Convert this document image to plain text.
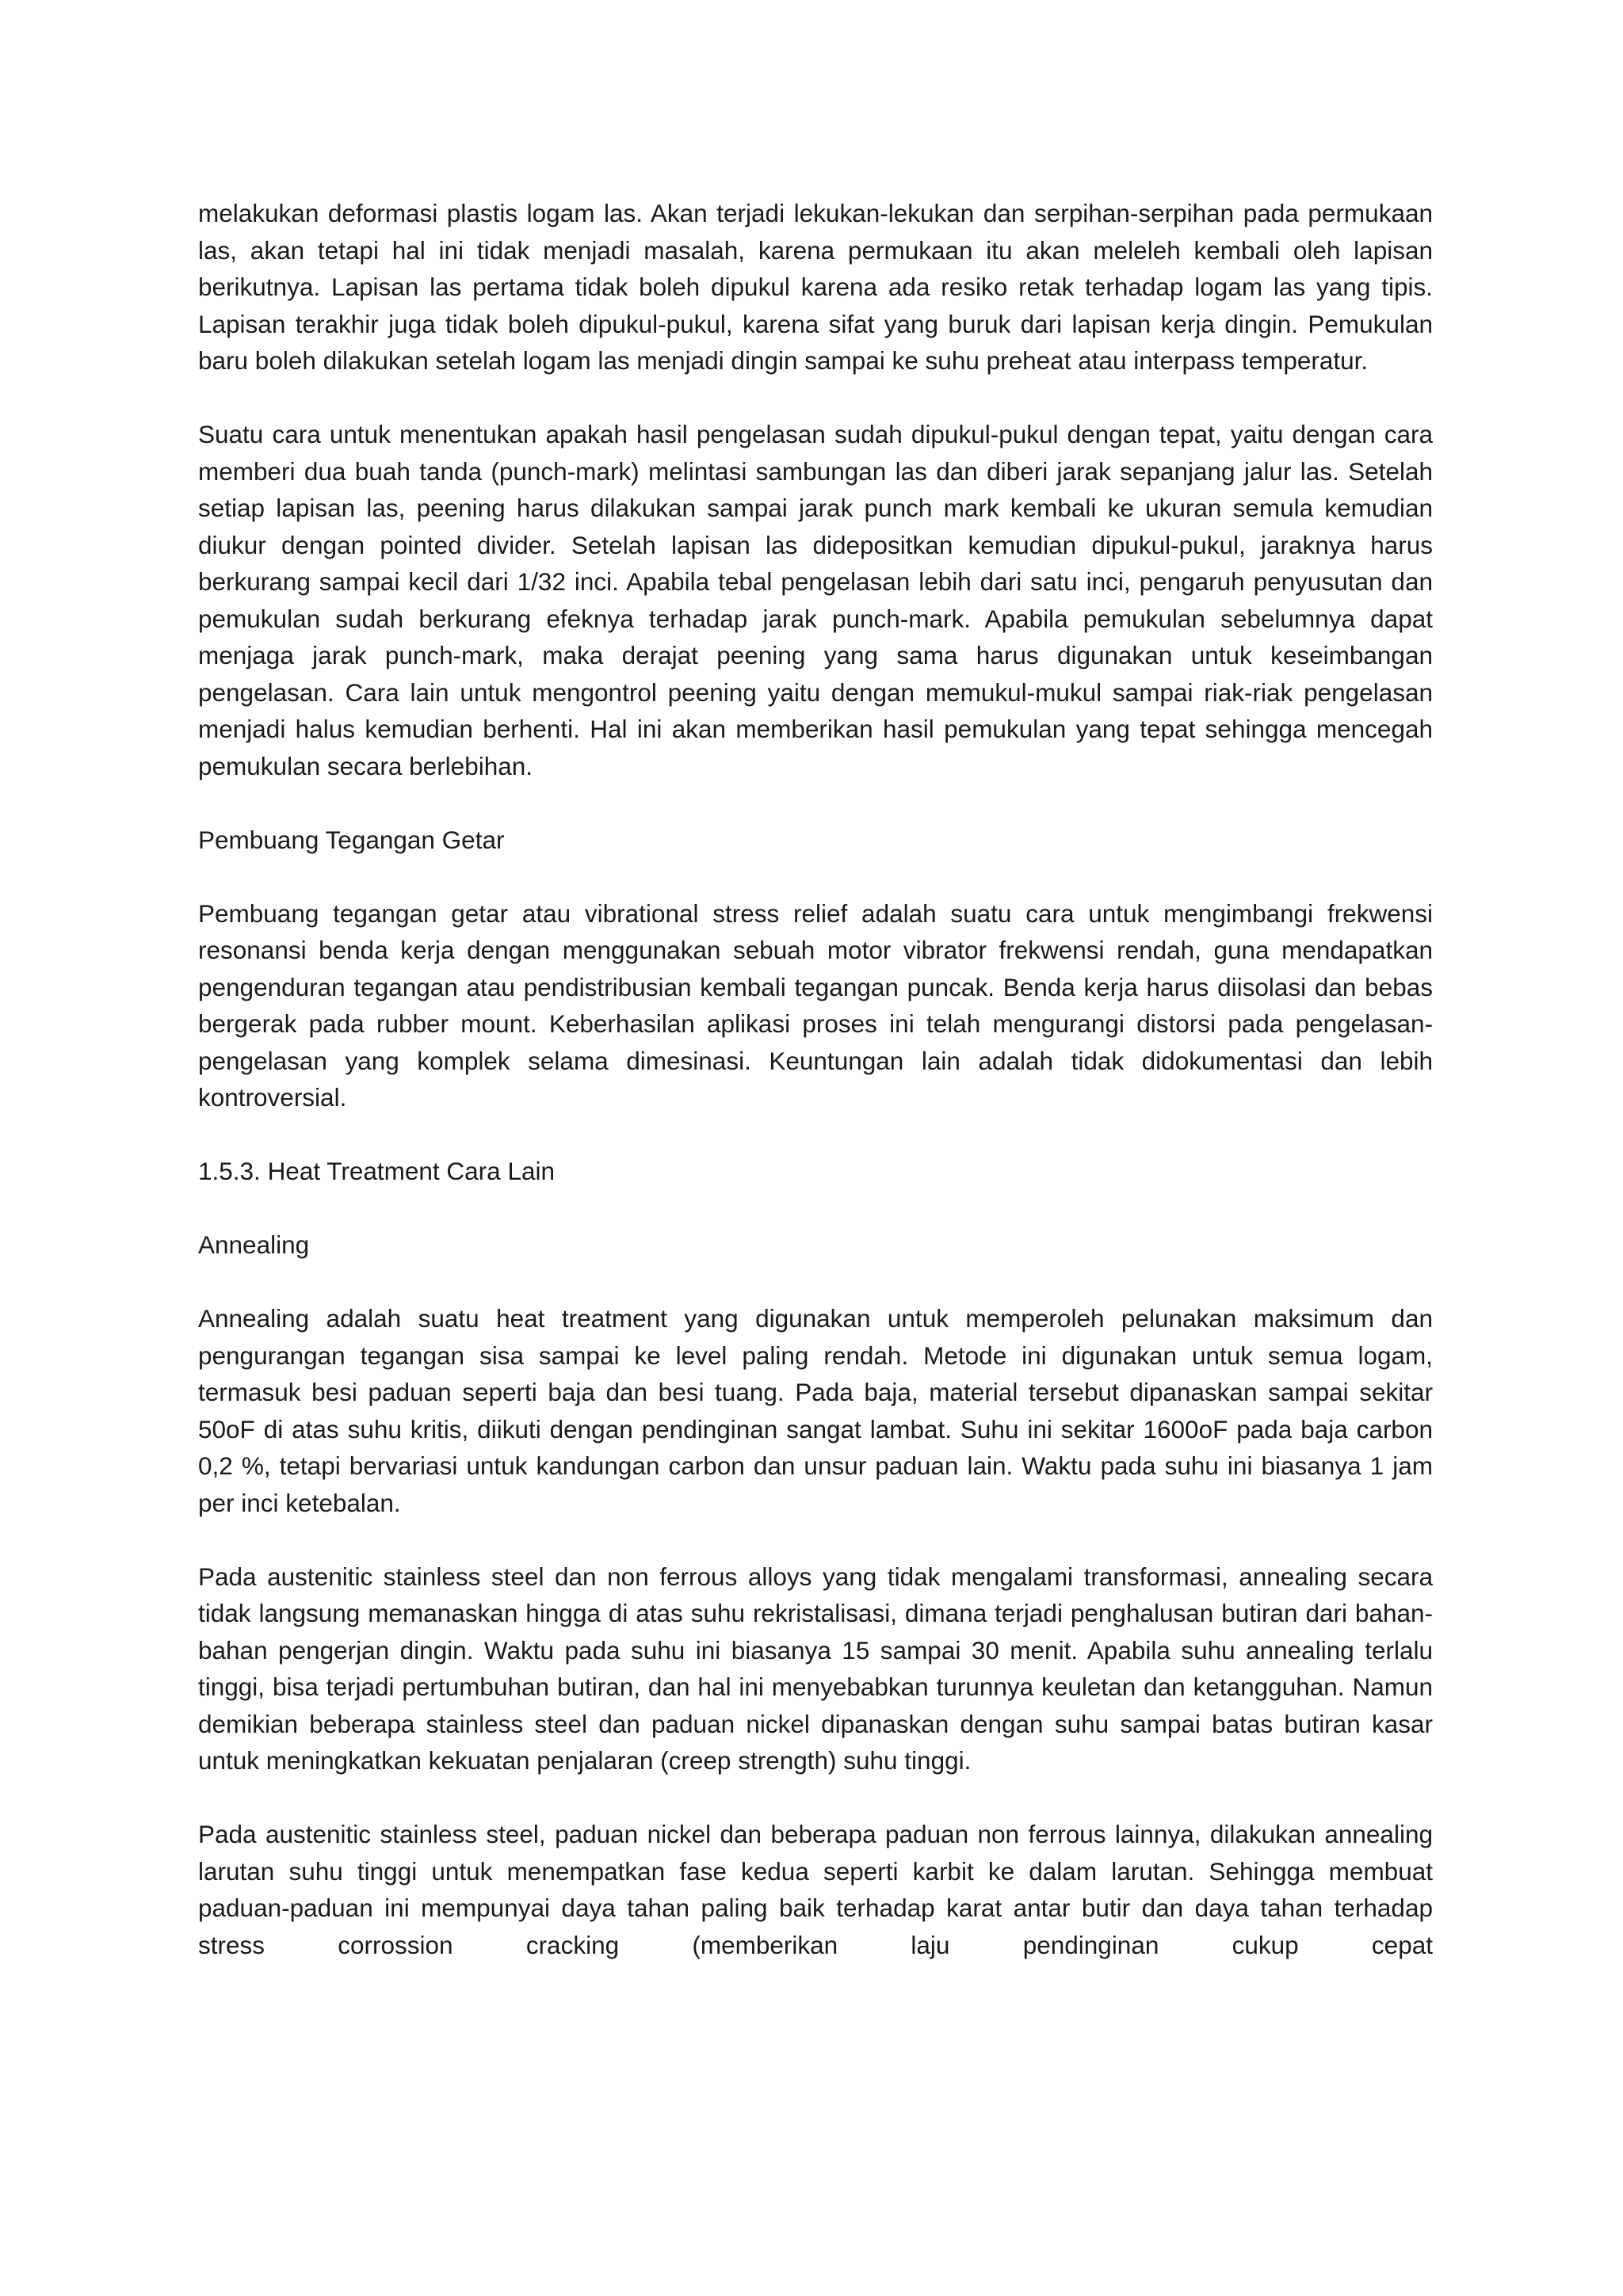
melakukan deformasi plastis logam las. Akan terjadi lekukan-lekukan dan serpihan-serpihan pada permukaan las, akan tetapi hal ini tidak menjadi masalah, karena permukaan itu akan meleleh kembali oleh lapisan berikutnya. Lapisan las pertama tidak boleh dipukul karena ada resiko retak terhadap logam las yang tipis. Lapisan terakhir juga tidak boleh dipukul-pukul, karena sifat yang buruk dari lapisan kerja dingin. Pemukulan baru boleh dilakukan setelah logam las menjadi dingin sampai ke suhu preheat atau interpass temperatur.

Suatu cara untuk menentukan apakah hasil pengelasan sudah dipukul-pukul dengan tepat, yaitu dengan cara memberi dua buah tanda (punch-mark) melintasi sambungan las dan diberi jarak sepanjang jalur las. Setelah setiap lapisan las, peening harus dilakukan sampai jarak punch mark kembali ke ukuran semula kemudian diukur dengan pointed divider. Setelah lapisan las didepositkan kemudian dipukul-pukul, jaraknya harus berkurang sampai kecil dari 1/32 inci. Apabila tebal pengelasan lebih dari satu inci, pengaruh penyusutan dan pemukulan sudah berkurang efeknya terhadap jarak punch-mark. Apabila pemukulan sebelumnya dapat menjaga jarak punch-mark, maka derajat peening yang sama harus digunakan untuk keseimbangan pengelasan. Cara lain untuk mengontrol peening yaitu dengan memukul-mukul sampai riak-riak pengelasan menjadi halus kemudian berhenti. Hal ini akan memberikan hasil pemukulan yang tepat sehingga mencegah pemukulan secara berlebihan.

Pembuang Tegangan Getar

Pembuang tegangan getar atau vibrational stress relief adalah suatu cara untuk mengimbangi frekwensi resonansi benda kerja dengan menggunakan sebuah motor vibrator frekwensi rendah, guna mendapatkan pengenduran tegangan atau pendistribusian kembali tegangan puncak. Benda kerja harus diisolasi dan bebas bergerak pada rubber mount. Keberhasilan aplikasi proses ini telah mengurangi distorsi pada pengelasan-pengelasan yang komplek selama dimesinasi. Keuntungan lain adalah tidak didokumentasi dan lebih kontroversial.

1.5.3. Heat Treatment Cara Lain

Annealing

Annealing adalah suatu heat treatment yang digunakan untuk memperoleh pelunakan maksimum dan pengurangan tegangan sisa sampai ke level paling rendah. Metode ini digunakan untuk semua logam, termasuk besi paduan seperti baja dan besi tuang. Pada baja, material tersebut dipanaskan sampai sekitar 50oF di atas suhu kritis, diikuti dengan pendinginan sangat lambat. Suhu ini sekitar 1600oF pada baja carbon 0,2 %, tetapi bervariasi untuk kandungan carbon dan unsur paduan lain. Waktu pada suhu ini biasanya 1 jam per inci ketebalan.

Pada austenitic stainless steel dan non ferrous alloys yang tidak mengalami transformasi, annealing secara tidak langsung memanaskan hingga di atas suhu rekristalisasi, dimana terjadi penghalusan butiran dari bahan-bahan pengerjan dingin. Waktu pada suhu ini biasanya 15 sampai 30 menit. Apabila suhu annealing terlalu tinggi, bisa terjadi pertumbuhan butiran, dan hal ini menyebabkan turunnya keuletan dan ketangguhan. Namun demikian beberapa stainless steel dan paduan nickel dipanaskan dengan suhu sampai batas butiran kasar untuk meningkatkan kekuatan penjalaran (creep strength) suhu tinggi.

Pada austenitic stainless steel, paduan nickel dan beberapa paduan non ferrous lainnya, dilakukan annealing larutan suhu tinggi untuk menempatkan fase kedua seperti karbit ke dalam larutan. Sehingga membuat paduan-paduan ini mempunyai daya tahan paling baik terhadap karat antar butir dan daya tahan terhadap stress corrossion cracking (memberikan laju pendinginan cukup cepat
